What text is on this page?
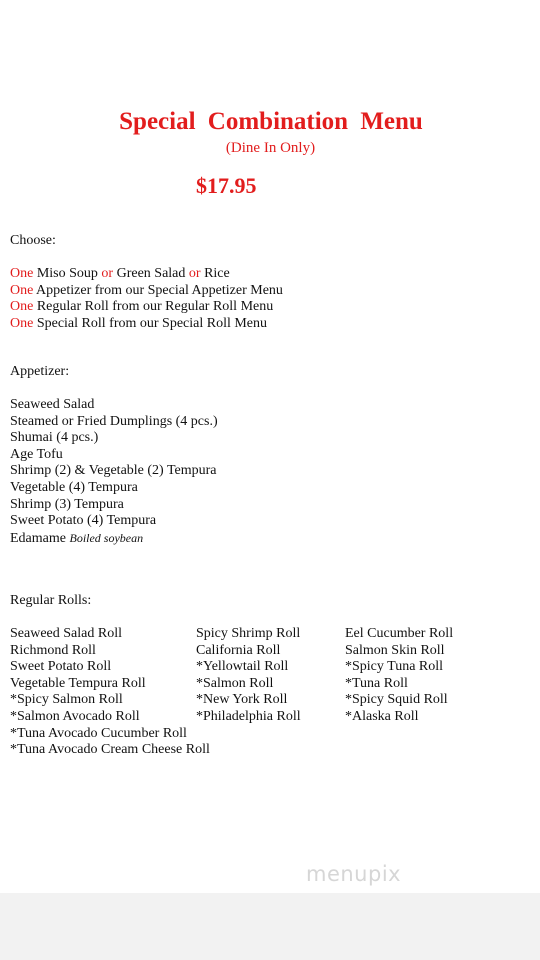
Special Combination Menu
(Dine In Only)
$17.95
Choose:
One Miso Soup or Green Salad or Rice
One Appetizer from our Special Appetizer Menu
One Regular Roll from our Regular Roll Menu
One Special Roll from our Special Roll Menu
Appetizer:
Seaweed Salad
Steamed or Fried Dumplings (4 pcs.)
Shumai (4 pcs.)
Age Tofu
Shrimp (2) & Vegetable (2) Tempura
Vegetable (4) Tempura
Shrimp (3) Tempura
Sweet Potato (4) Tempura
Edamame Boiled soybean
Regular Rolls:
Seaweed Salad Roll
Richmond Roll
Sweet Potato Roll
Vegetable Tempura Roll
*Spicy Salmon Roll
*Salmon Avocado Roll
*Tuna Avocado Cucumber Roll
*Tuna Avocado Cream Cheese Roll
Spicy Shrimp Roll
California Roll
*Yellowtail Roll
*Salmon Roll
*New York Roll
*Philadelphia Roll
Eel Cucumber Roll
Salmon Skin Roll
*Spicy Tuna Roll
*Tuna Roll
*Spicy Squid Roll
*Alaska Roll
menupix
